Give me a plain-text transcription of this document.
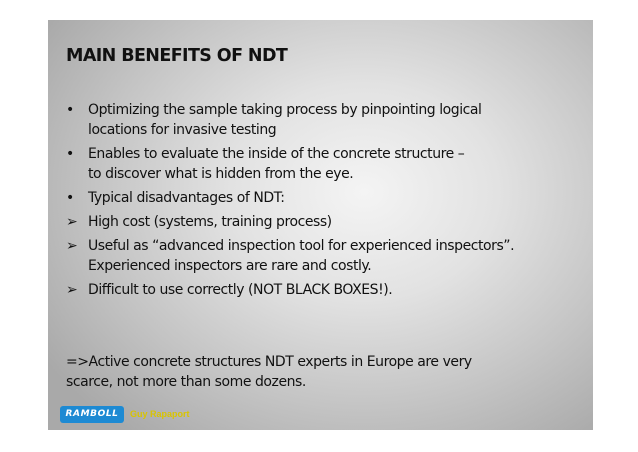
MAIN BENEFITS OF NDT
•	Optimizing the sample taking process by pinpointing logical
locations for invasive testing
•	Enables to evaluate the inside of the concrete structure –
to discover what is hidden from the eye.
•	Typical disadvantages of NDT:
➢ High cost (systems, training process)
➢ Useful as “advanced inspection tool for experienced inspectors”.
Experienced inspectors are rare and costly.
➢ Difficult to use correctly (NOT BLACK BOXES!).
=>Active concrete structures NDT experts in Europe are very
scarce, not more than some dozens.
RAMBOLL	Guy Rapaport
